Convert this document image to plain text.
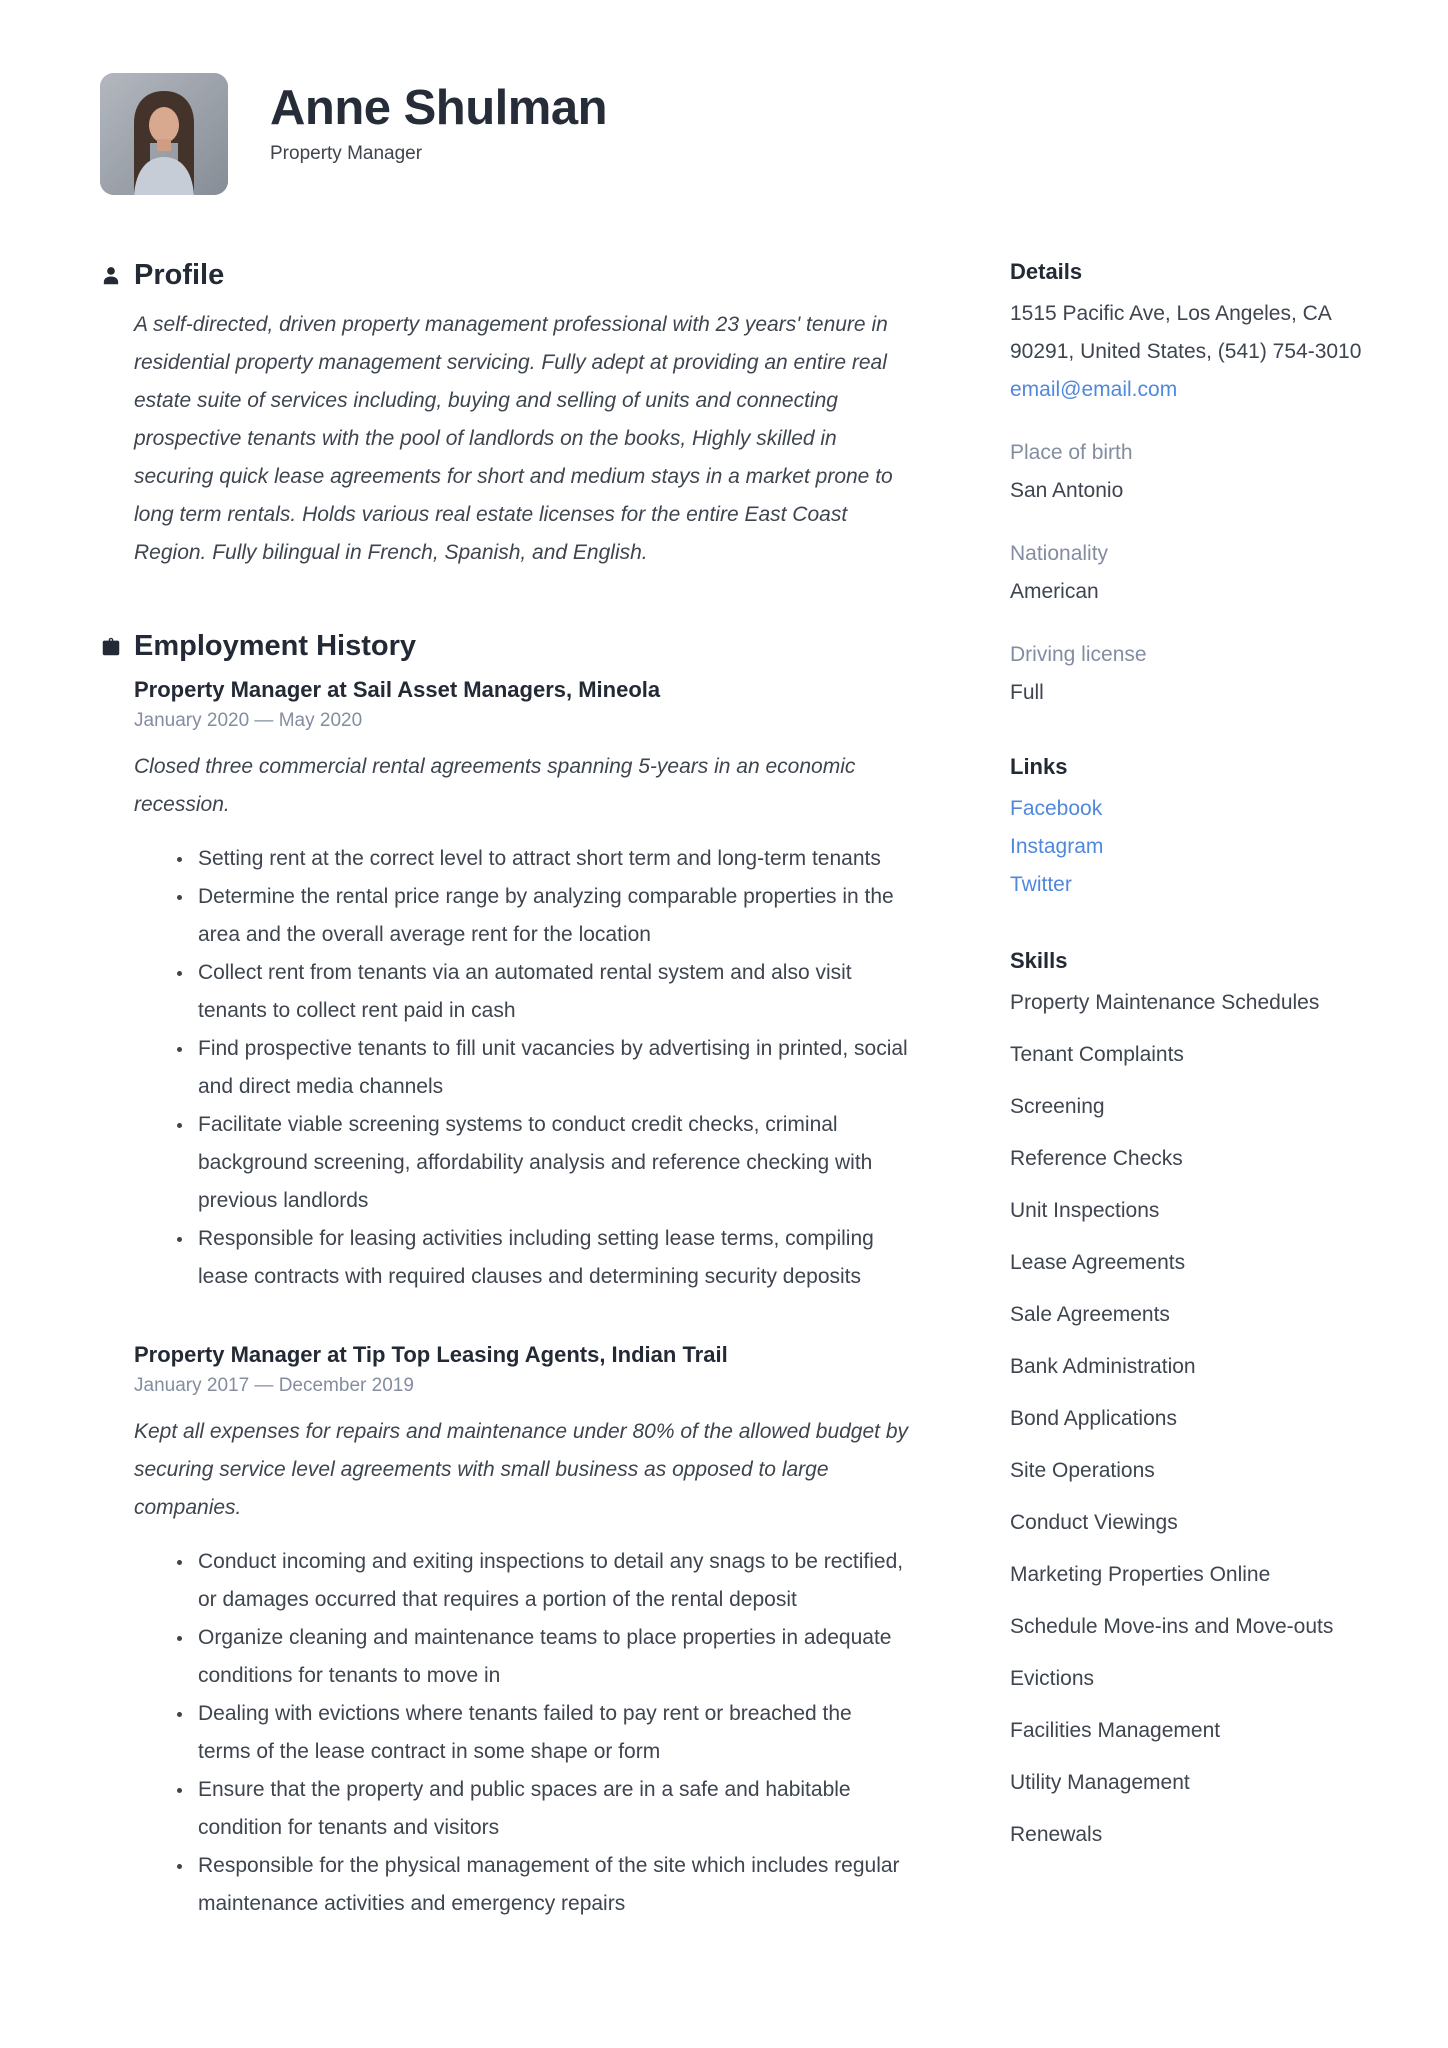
Anne Shulman
Property Manager
Profile

A self-directed, driven property management professional with 23 years' tenure in residential property management servicing. Fully adept at providing an entire real estate suite of services including, buying and selling of units and connecting prospective tenants with the pool of landlords on the books, Highly skilled in securing quick lease agreements for short and medium stays in a market prone to long term rentals. Holds various real estate licenses for the entire East Coast Region. Fully bilingual in French, Spanish, and English.

Employment History
Property Manager at Sail Asset Managers, Mineola
January 2020 — May 2020

Closed three commercial rental agreements spanning 5-years in an economic recession.

• Setting rent at the correct level to attract short term and long-term tenants
• Determine the rental price range by analyzing comparable properties in the area and the overall average rent for the location
• Collect rent from tenants via an automated rental system and also visit tenants to collect rent paid in cash
• Find prospective tenants to fill unit vacancies by advertising in printed, social and direct media channels
• Facilitate viable screening systems to conduct credit checks, criminal background screening, affordability analysis and reference checking with previous landlords
• Responsible for leasing activities including setting lease terms, compiling lease contracts with required clauses and determining security deposits
Property Manager at Tip Top Leasing Agents, Indian Trail
January 2017 — December 2019

Kept all expenses for repairs and maintenance under 80% of the allowed budget by securing service level agreements with small business as opposed to large companies.

• Conduct incoming and exiting inspections to detail any snags to be rectified, or damages occurred that requires a portion of the rental deposit
• Organize cleaning and maintenance teams to place properties in adequate conditions for tenants to move in
• Dealing with evictions where tenants failed to pay rent or breached the terms of the lease contract in some shape or form
• Ensure that the property and public spaces are in a safe and habitable condition for tenants and visitors
• Responsible for the physical management of the site which includes regular maintenance activities and emergency repairs
Details
1515 Pacific Ave, Los Angeles, CA 90291, United States, (541) 754-3010
email@email.com
Place of birth
San Antonio
Nationality
American
Driving license
Full
Links
Facebook
Instagram
Twitter
Skills
Property Maintenance Schedules
Tenant Complaints
Screening
Reference Checks
Unit Inspections
Lease Agreements
Sale Agreements
Bank Administration
Bond Applications
Site Operations
Conduct Viewings
Marketing Properties Online
Schedule Move-ins and Move-outs
Evictions
Facilities Management
Utility Management
Renewals
